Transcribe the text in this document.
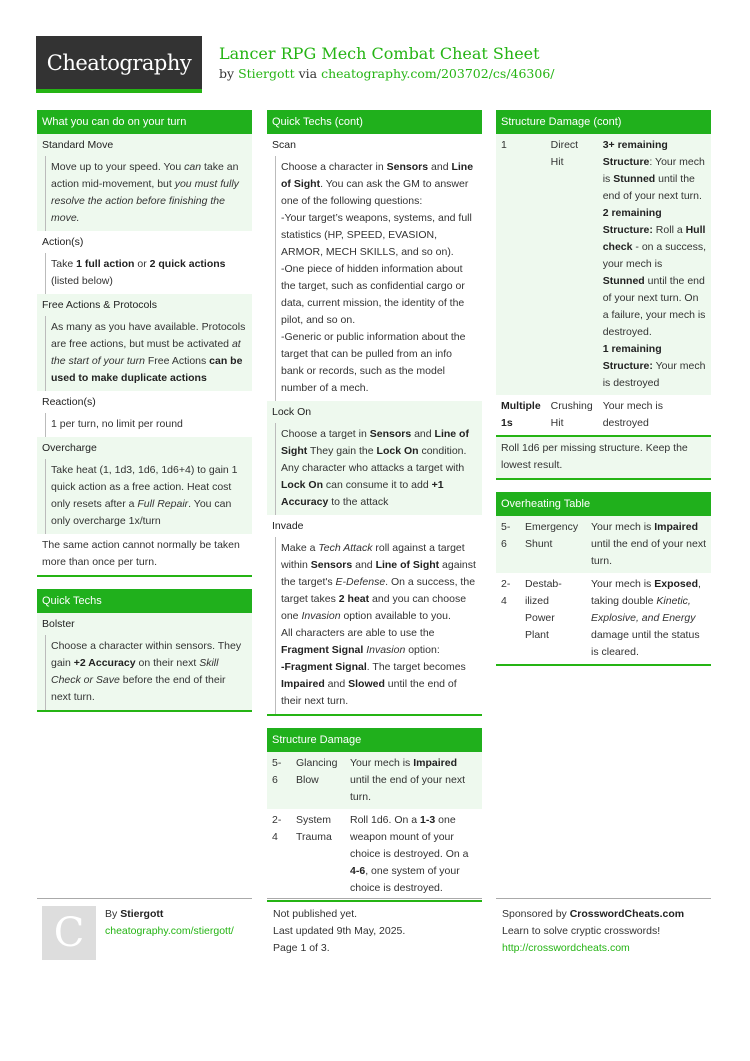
Cheatography Lancer RPG Mech Combat Cheat Sheet
by Stiergott via cheatography.com/203702/cs/46306/
What you can do on your turn
Standard Move
Move up to your speed. You can take an action mid-movement, but you must fully resolve the action before finishing the move.
Action(s)
Take 1 full action or 2 quick actions (listed below)
Free Actions & Protocols
As many as you have available. Protocols are free actions, but must be activated at the start of your turn Free Actions can be used to make duplicate actions
Reaction(s)
1 per turn, no limit per round
Overcharge
Take heat (1, 1d3, 1d6, 1d6+4) to gain 1 quick action as a free action. Heat cost only resets after a Full Repair. You can only overcharge 1x/turn
The same action cannot normally be taken more than once per turn.
Quick Techs
Bolster
Choose a character within sensors. They gain +2 Accuracy on their next Skill Check or Save before the end of their next turn.
Quick Techs (cont)
Scan
Choose a character in Sensors and Line of Sight. You can ask the GM to answer one of the following questions:
-Your target’s weapons, systems, and full statistics (HP, SPEED, EVASION, ARMOR, MECH SKILLS, and so on).
-One piece of hidden information about the target, such as confidential cargo or data, current mission, the identity of the pilot, and so on.
-Generic or public information about the target that can be pulled from an info bank or records, such as the model number of a mech.
Lock On
Choose a target in Sensors and Line of Sight They gain the Lock On condition. Any character who attacks a target with Lock On can consume it to add +1 Accuracy to the attack
Invade
Make a Tech Attack roll against a target within Sensors and Line of Sight against the target's E-Defense. On a success, the target takes 2 heat and you can choose one Invasion option available to you.
All characters are able to use the Fragment Signal Invasion option:
-Fragment Signal. The target becomes Impaired and Slowed until the end of their next turn.
Structure Damage
5-6	Glancing Blow	Your mech is Impaired until the end of your next turn.
2-4	System Trauma	Roll 1d6. On a 1-3 one weapon mount of your choice is destroyed. On a 4-6, one system of your choice is destroyed.
Structure Damage (cont)
1	Direct Hit	3+ remaining Structure: Your mech is Stunned until the end of your next turn.
2 remaining Structure: Roll a Hull check - on a success, your mech is Stunned until the end of your next turn. On a failure, your mech is destroyed.
1 remaining Structure: Your mech is destroyed
Multiple 1s	Crushing Hit	Your mech is destroyed
Roll 1d6 per missing structure. Keep the lowest result.
Overheating Table
5-6	Emergency Shunt	Your mech is Impaired until the end of your next turn.
2-4	Destabilized Power Plant	Your mech is Exposed, taking double Kinetic, Explosive, and Energy damage until the status is cleared.
C	By Stiergott
cheatography.com/stiergott/
Not published yet.
Last updated 9th May, 2025.
Page 1 of 3.
Sponsored by CrosswordCheats.com
Learn to solve cryptic crosswords!
http://crosswordcheats.com
